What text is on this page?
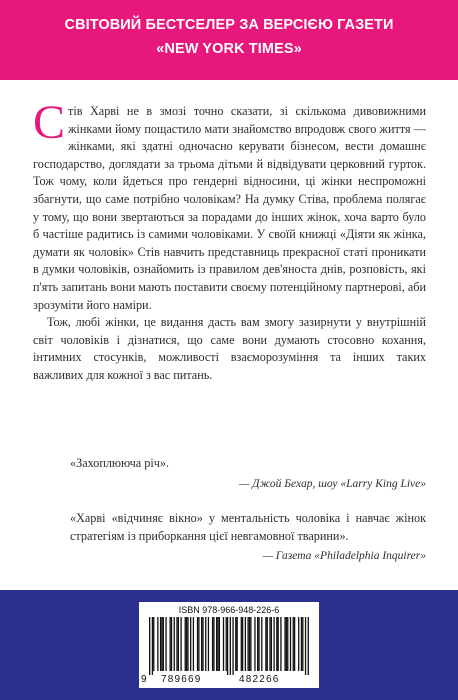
СВІТОВИЙ БЕСТСЕЛЕР ЗА ВЕРСІЄЮ ГАЗЕТИ
«NEW YORK TIMES»

Стів Харві не в змозі точно сказати, зі скількома дивовижними жінками йому пощастило мати знайомство впродовж свого життя — жінками, які здатні одночасно керувати бізнесом, вести домашнє господарство, доглядати за трьома дітьми й відвідувати церковний гурток. Тож чому, коли йдеться про гендерні відносини, ці жінки неспроможні збагнути, що саме потрібно чоловікам? На думку Стіва, проблема полягає у тому, що вони звертаються за порадами до інших жінок, хоча варто було б частіше радитись із самими чоловіками. У своїй книжці «Діяти як жінка, думати як чоловік» Стів навчить представниць прекрасної статі проникати в думки чоловіків, ознайомить із правилом дев'яноста днів, розповість, які п'ять запитань вони мають поставити своєму потенційному партнерові, аби зрозуміти його наміри.

Тож, любі жінки, це видання дасть вам змогу зазирнути у внутрішній світ чоловіків і дізнатися, що саме вони думають стосовно кохання, інтимних стосунків, можливості взаєморозуміння та інших таких важливих для кожної з вас питань.

«Захоплююча річ».
— Джой Бехар, шоу «Larry King Live»
«Харві «відчиняє вікно» у ментальність чоловіка і навчає жінок стратегіям із приборкання цієї невгамовної тварини».
— Газета «Philadelphia Inquirer»
ISBN 978-966-948-226-6
9 789669	482266
